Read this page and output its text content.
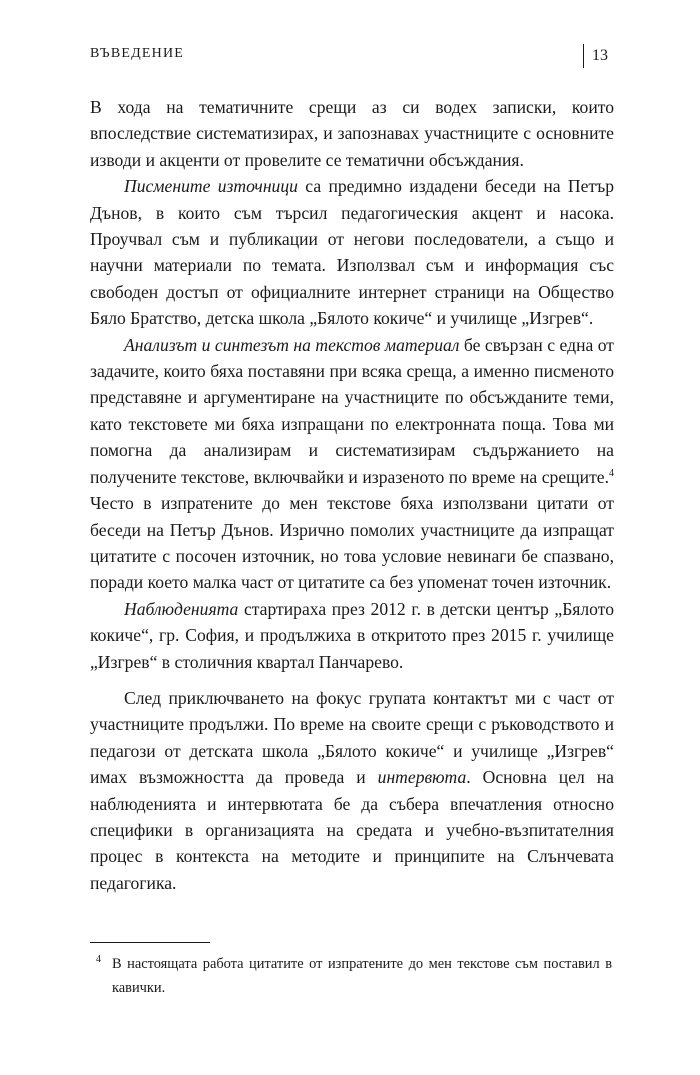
ВЪВЕДЕНИЕ	13

В хода на тематичните срещи аз си водех записки, които впоследствие систематизирах, и запознавах участниците с основните изводи и акценти от провелите се тематични обсъждания.

Писмените източници са предимно издадени беседи на Петър Дънов, в които съм търсил педагогическия акцент и насока. Проучвал съм и публикации от негови последователи, а също и научни материали по темата. Използвал съм и информация със свободен достъп от официалните интернет страници на Общество Бяло Братство, детска школа „Бялото кокиче“ и училище „Изгрев“.

Анализът и синтезът на текстов материал бе свързан с една от задачите, които бяха поставяни при всяка среща, а именно писменото представяне и аргументиране на участниците по обсъжданите теми, като текстовете ми бяха изпращани по електронната поща. Това ми помогна да анализирам и систематизирам съдържанието на получените текстове, включвайки и изразеното по време на срещите.$^4$ Често в изпратените до мен текстове бяха използвани цитати от беседи на Петър Дънов. Изрично помолих участниците да изпращат цитатите с посочен източник, но това условие невинаги бе спазвано, поради което малка част от цитатите са без упоменат точен източник.

Наблюденията стартираха през 2012 г. в детски център „Бялото кокиче“, гр. София, и продължиха в откритото през 2015 г. училище „Изгрев“ в столичния квартал Панчарево.

След приключването на фокус групата контактът ми с част от участниците продължи. По време на своите срещи с ръководството и педагози от детската школа „Бялото кокиче“ и училище „Изгрев“ имах възможността да проведа и интервюта. Основна цел на наблюденията и интервютата бе да събера впечатления относно специфики в организацията на средата и учебно-възпитателния процес в контекста на методите и принципите на Слънчевата педагогика.

4 В настоящата работа цитатите от изпратените до мен текстове съм поставил в кавички.
